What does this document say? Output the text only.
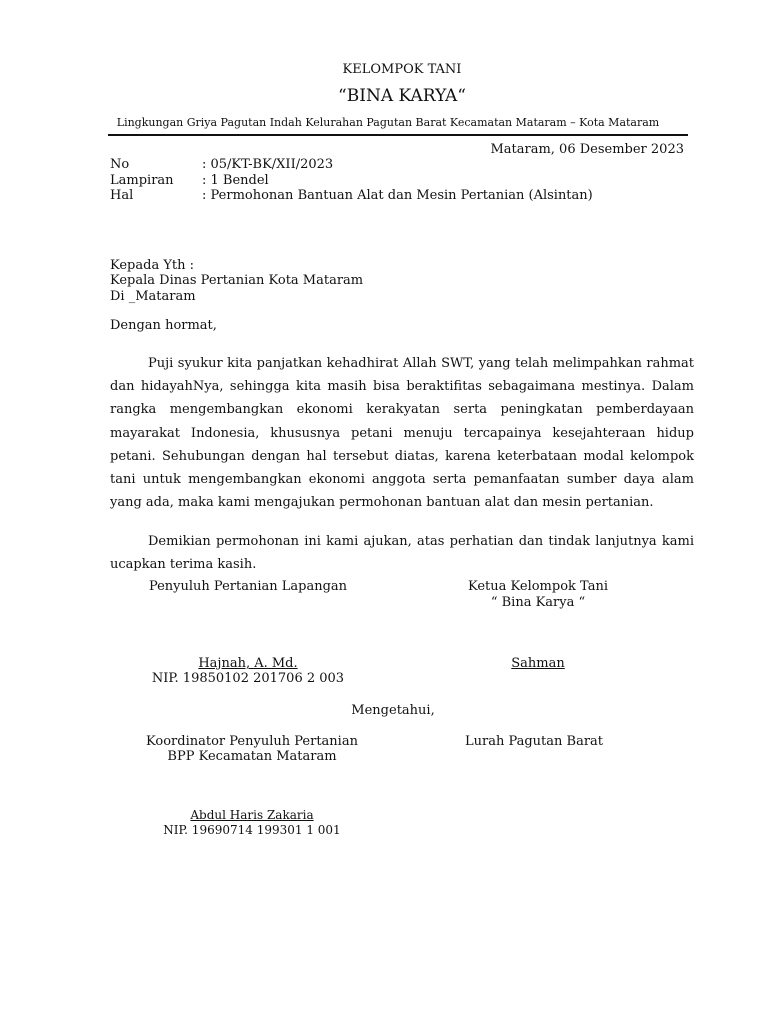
KELOMPOK TANI
“BINA KARYA“
Lingkungan Griya Pagutan Indah Kelurahan Pagutan Barat Kecamatan Mataram – Kota Mataram
Mataram, 06 Desember 2023
No	: 05/KT-BK/XII/2023
Lampiran : 1 Bendel
Hal	: Permohonan Bantuan Alat dan Mesin Pertanian (Alsintan)
Kepada Yth :
Kepala Dinas Pertanian Kota Mataram
Di _Mataram
Dengan hormat,
Puji syukur kita panjatkan kehadhirat Allah SWT, yang telah melimpahkan rahmat dan hidayahNya, sehingga kita masih bisa beraktifitas sebagaimana mestinya. Dalam rangka mengembangkan ekonomi kerakyatan serta peningkatan pemberdayaan mayarakat Indonesia, khususnya petani menuju tercapainya kesejahteraan hidup petani. Sehubungan dengan hal tersebut diatas, karena keterbataan modal kelompok tani untuk mengembangkan ekonomi anggota serta pemanfaatan sumber daya alam yang ada, maka kami mengajukan permohonan bantuan alat dan mesin pertanian.
Demikian permohonan ini kami ajukan, atas perhatian dan tindak lanjutnya kami ucapkan terima kasih.
Penyuluh Pertanian Lapangan	Ketua Kelompok Tani
“ Bina Karya “
Hajnah, A. Md.
NIP. 19850102 201706 2 003
Sahman
Mengetahui,
Koordinator Penyuluh Pertanian
BPP Kecamatan Mataram
Lurah Pagutan Barat
Abdul Haris Zakaria
NIP. 19690714 199301 1 001
